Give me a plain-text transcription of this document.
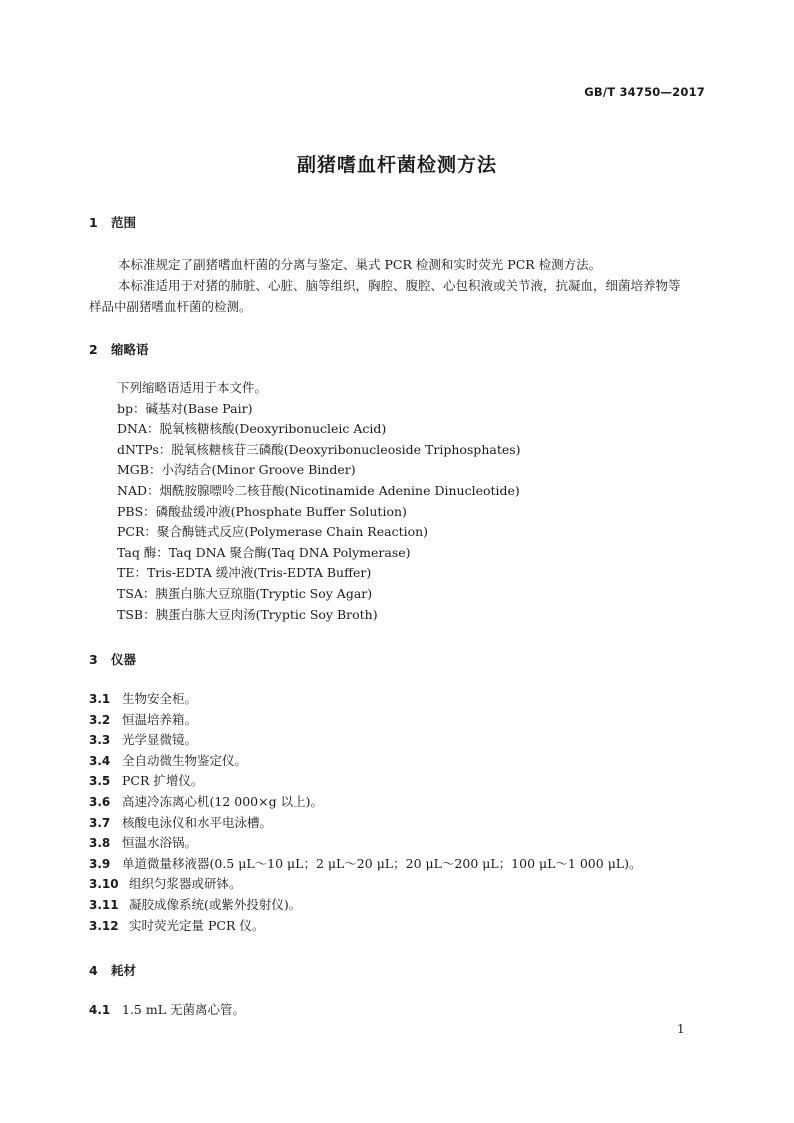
GB/T 34750—2017
副猪嗜血杆菌检测方法
1 范围
本标准规定了副猪嗜血杆菌的分离与鉴定、巢式 PCR 检测和实时荧光 PCR 检测方法。
本标准适用于对猪的肺脏、心脏、脑等组织，胸腔、腹腔、心包积液或关节液，抗凝血，细菌培养物等
样品中副猪嗜血杆菌的检测。
2 缩略语
下列缩略语适用于本文件。
bp：碱基对(Base Pair)
DNA：脱氧核糖核酸(Deoxyribonucleic Acid)
dNTPs：脱氧核糖核苷三磷酸(Deoxyribonucleoside Triphosphates)
MGB：小沟结合(Minor Groove Binder)
NAD：烟酰胺腺嘌呤二核苷酸(Nicotinamide Adenine Dinucleotide)
PBS：磷酸盐缓冲液(Phosphate Buffer Solution)
PCR：聚合酶链式反应(Polymerase Chain Reaction)
Taq 酶：Taq DNA 聚合酶(Taq DNA Polymerase)
TE：Tris-EDTA 缓冲液(Tris-EDTA Buffer)
TSA：胰蛋白胨大豆琼脂(Tryptic Soy Agar)
TSB：胰蛋白胨大豆肉汤(Tryptic Soy Broth)
3 仪器
3.1 生物安全柜。
3.2 恒温培养箱。
3.3 光学显微镜。
3.4 全自动微生物鉴定仪。
3.5 PCR 扩增仪。
3.6 高速冷冻离心机(12 000×g 以上)。
3.7 核酸电泳仪和水平电泳槽。
3.8 恒温水浴锅。
3.9 单道微量移液器(0.5 μL～10 μL；2 μL～20 μL；20 μL～200 μL；100 μL～1 000 μL)。
3.10 组织匀浆器或研钵。
3.11 凝胶成像系统(或紫外投射仪)。
3.12 实时荧光定量 PCR 仪。
4 耗材
4.1 1.5 mL 无菌离心管。
1
